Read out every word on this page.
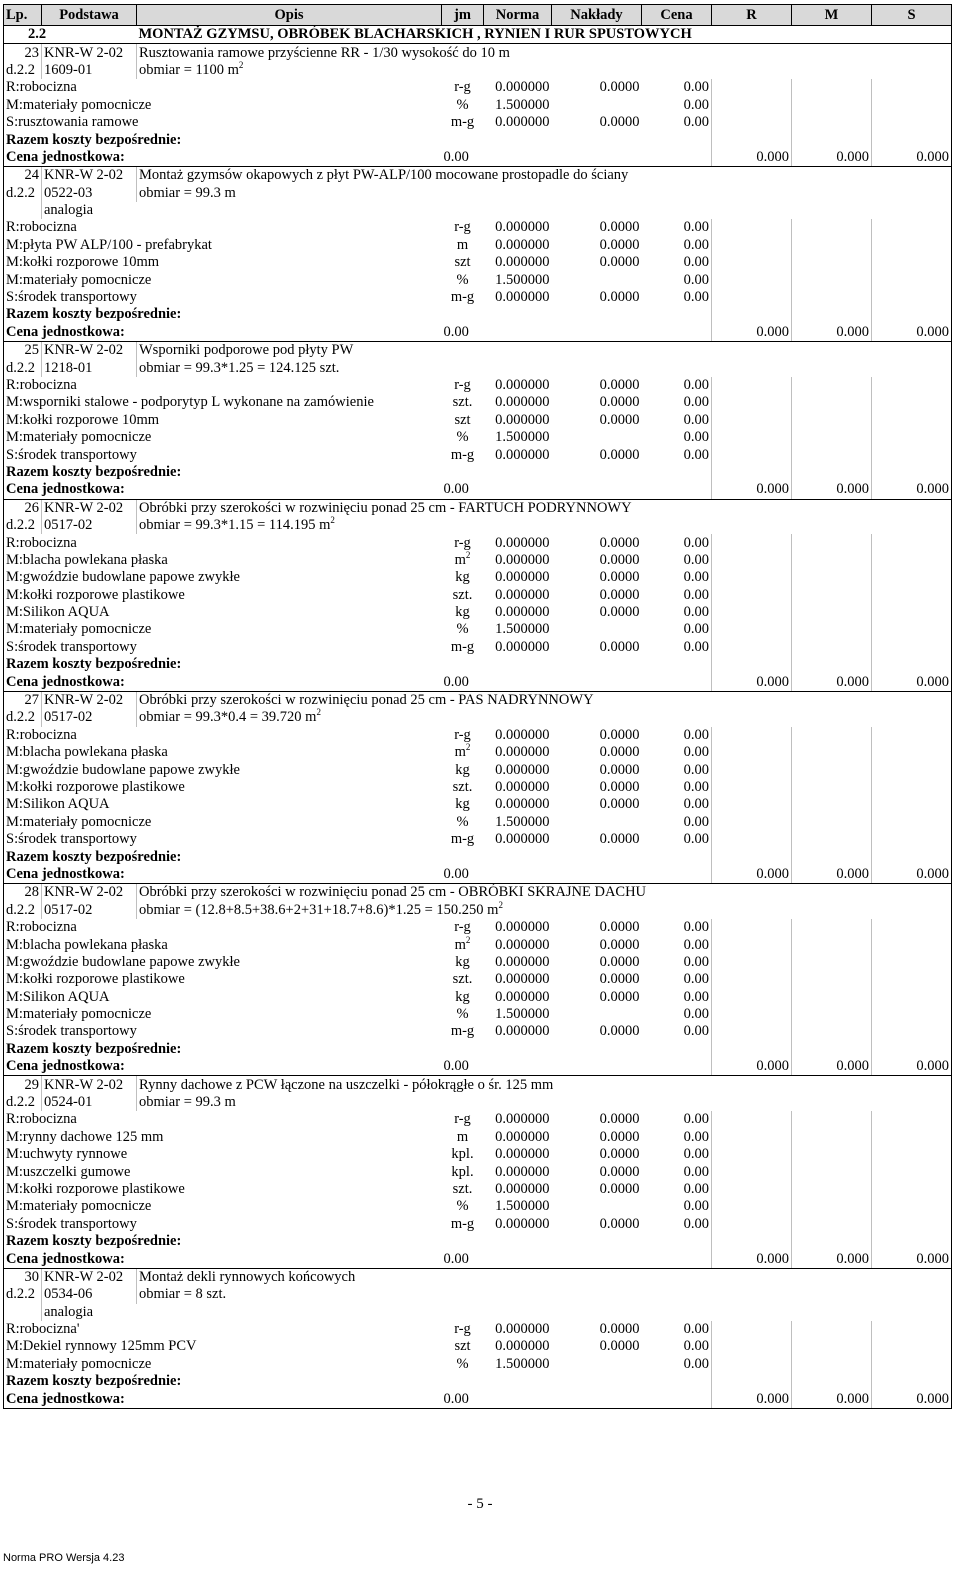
Lp.	Podstawa	Opis	jm	Norma	Nakłady	Cena	R	M	S
2.2		MONTAŻ GZYMSU, OBRÓBEK BLACHARSKICH , RYNIEN I RUR SPUSTOWYCH							
23	KNR-W 2-02	Rusztowania ramowe przyścienne RR - 1/30 wysokość do 10 m							
d.2.2	1609-01	obmiar = 1100 $m^2$
R:robocizna			r-g	0.000000	0.0000	0.00			
M:materiały pomocnicze			%	1.500000		0.00			
S:rusztowania ramowe			m-g	0.000000	0.0000	0.00			
Razem koszty bezpośrednie:									
Cena jednostkowa:			0.00				0.000	0.000	0.000
24	KNR-W 2-02	Montaż gzymsów okapowych z płyt PW-ALP/100 mocowane prostopadle do ściany							
d.2.2	0522-03	obmiar = 99.3 m							
	analogia								
R:robocizna			r-g	0.000000	0.0000	0.00			
M:płyta PW ALP/100 - prefabrykat			m	0.000000	0.0000	0.00			
M:kołki rozporowe 10mm			szt	0.000000	0.0000	0.00			
M:materiały pomocnicze			%	1.500000		0.00			
S:środek transportowy			m-g	0.000000	0.0000	0.00			
Razem koszty bezpośrednie:									
Cena jednostkowa:			0.00				0.000	0.000	0.000
25	KNR-W 2-02	Wsporniki podporowe pod płyty PW							
d.2.2	1218-01	obmiar = 99.3*1.25 = 124.125 szt.							
R:robocizna			r-g	0.000000	0.0000	0.00			
M:wsporniki stalowe - podporytyp L wykonane na zamówienie			szt.	0.000000	0.0000	0.00			
M:kołki rozporowe 10mm			szt	0.000000	0.0000	0.00			
M:materiały pomocnicze			%	1.500000		0.00			
S:środek transportowy			m-g	0.000000	0.0000	0.00			
Razem koszty bezpośrednie:									
Cena jednostkowa:			0.00				0.000	0.000	0.000
26	KNR-W 2-02	Obróbki przy szerokości w rozwinięciu ponad 25 cm - FARTUCH PODRYNNOWY							
d.2.2	0517-02	obmiar = 99.3*1.15 = 114.195 $m^2$
R:robocizna			r-g	0.000000	0.0000	0.00			
M:blacha powlekana płaska			$m^2$	0.000000	0.0000	0.00			
M:gwoździe budowlane papowe zwykłe			kg	0.000000	0.0000	0.00			
M:kołki rozporowe plastikowe			szt.	0.000000	0.0000	0.00			
M:Silikon AQUA			kg	0.000000	0.0000	0.00			
M:materiały pomocnicze			%	1.500000		0.00			
S:środek transportowy			m-g	0.000000	0.0000	0.00			
Razem koszty bezpośrednie:									
Cena jednostkowa:			0.00				0.000	0.000	0.000
27	KNR-W 2-02	Obróbki przy szerokości w rozwinięciu ponad 25 cm - PAS NADRYNNOWY							
d.2.2	0517-02	obmiar = 99.3*0.4 = 39.720 $m^2$
R:robocizna			r-g	0.000000	0.0000	0.00			
M:blacha powlekana płaska			$m^2$	0.000000	0.0000	0.00			
M:gwoździe budowlane papowe zwykłe			kg	0.000000	0.0000	0.00			
M:kołki rozporowe plastikowe			szt.	0.000000	0.0000	0.00			
M:Silikon AQUA			kg	0.000000	0.0000	0.00			
M:materiały pomocnicze			%	1.500000		0.00			
S:środek transportowy			m-g	0.000000	0.0000	0.00			
Razem koszty bezpośrednie:									
Cena jednostkowa:			0.00				0.000	0.000	0.000
28	KNR-W 2-02	Obróbki przy szerokości w rozwinięciu ponad 25 cm - OBRÓBKI SKRAJNE DACHU							
d.2.2	0517-02	obmiar = (12.8+8.5+38.6+2+31+18.7+8.6)*1.25 = 150.250 $m^2$
R:robocizna			r-g	0.000000	0.0000	0.00			
M:blacha powlekana płaska			$m^2$	0.000000	0.0000	0.00			
M:gwoździe budowlane papowe zwykłe			kg	0.000000	0.0000	0.00			
M:kołki rozporowe plastikowe			szt.	0.000000	0.0000	0.00			
M:Silikon AQUA			kg	0.000000	0.0000	0.00			
M:materiały pomocnicze			%	1.500000		0.00			
S:środek transportowy			m-g	0.000000	0.0000	0.00			
Razem koszty bezpośrednie:									
Cena jednostkowa:			0.00				0.000	0.000	0.000
29	KNR-W 2-02	Rynny dachowe z PCW łączone na uszczelki - półokrągłe o śr. 125 mm							
d.2.2	0524-01	obmiar = 99.3 m							
R:robocizna			r-g	0.000000	0.0000	0.00			
M:rynny dachowe 125 mm			m	0.000000	0.0000	0.00			
M:uchwyty rynnowe			kpl.	0.000000	0.0000	0.00			
M:uszczelki gumowe			kpl.	0.000000	0.0000	0.00			
M:kołki rozporowe plastikowe			szt.	0.000000	0.0000	0.00			
M:materiały pomocnicze			%	1.500000		0.00			
S:środek transportowy			m-g	0.000000	0.0000	0.00			
Razem koszty bezpośrednie:									
Cena jednostkowa:			0.00				0.000	0.000	0.000
30	KNR-W 2-02	Montaż dekli rynnowych końcowych							
d.2.2	0534-06	obmiar = 8 szt.							
	analogia								
R:robocizna'			r-g	0.000000	0.0000	0.00			
M:Dekiel rynnowy 125mm PCV			szt	0.000000	0.0000	0.00			
M:materiały pomocnicze			%	1.500000		0.00			
Razem koszty bezpośrednie:									
Cena jednostkowa:			0.00				0.000	0.000	0.000
- 5 -
Norma PRO Wersja 4.23
